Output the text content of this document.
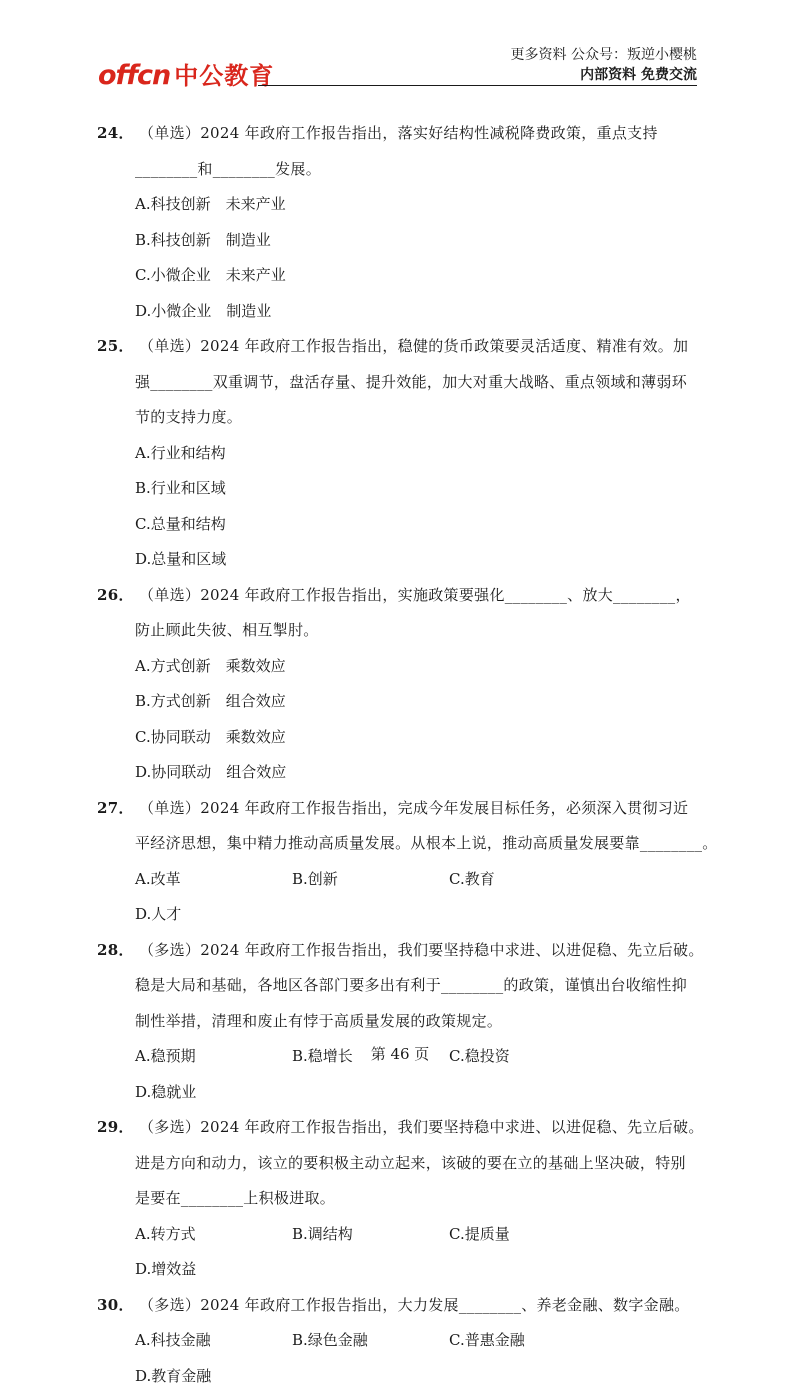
offcn 中公教育
更多资料 公众号：叛逆小樱桃
内部资料 免费交流
24． （单选）2024 年政府工作报告指出，落实好结构性减税降费政策，重点支持
________和________发展。
A.科技创新　未来产业
B.科技创新　制造业
C.小微企业　未来产业
D.小微企业　制造业
25． （单选）2024 年政府工作报告指出，稳健的货币政策要灵活适度、精准有效。加
强________双重调节，盘活存量、提升效能，加大对重大战略、重点领域和薄弱环
节的支持力度。
A.行业和结构
B.行业和区域
C.总量和结构
D.总量和区域
26． （单选）2024 年政府工作报告指出，实施政策要强化________、放大________，
防止顾此失彼、相互掣肘。
A.方式创新　乘数效应
B.方式创新　组合效应
C.协同联动　乘数效应
D.协同联动　组合效应
27． （单选）2024 年政府工作报告指出，完成今年发展目标任务，必须深入贯彻习近
平经济思想，集中精力推动高质量发展。从根本上说，推动高质量发展要靠________。
A.改革	B.创新	C.教育
D.人才
28． （多选）2024 年政府工作报告指出，我们要坚持稳中求进、以进促稳、先立后破。
稳是大局和基础，各地区各部门要多出有利于________的政策，谨慎出台收缩性抑
制性举措，清理和废止有悖于高质量发展的政策规定。
A.稳预期	B.稳增长	C.稳投资
D.稳就业
29． （多选）2024 年政府工作报告指出，我们要坚持稳中求进、以进促稳、先立后破。
进是方向和动力，该立的要积极主动立起来，该破的要在立的基础上坚决破，特别
是要在________上积极进取。
A.转方式	B.调结构	C.提质量
D.增效益
30． （多选）2024 年政府工作报告指出，大力发展________、养老金融、数字金融。
A.科技金融	B.绿色金融	C.普惠金融
D.教育金融
第 46 页
